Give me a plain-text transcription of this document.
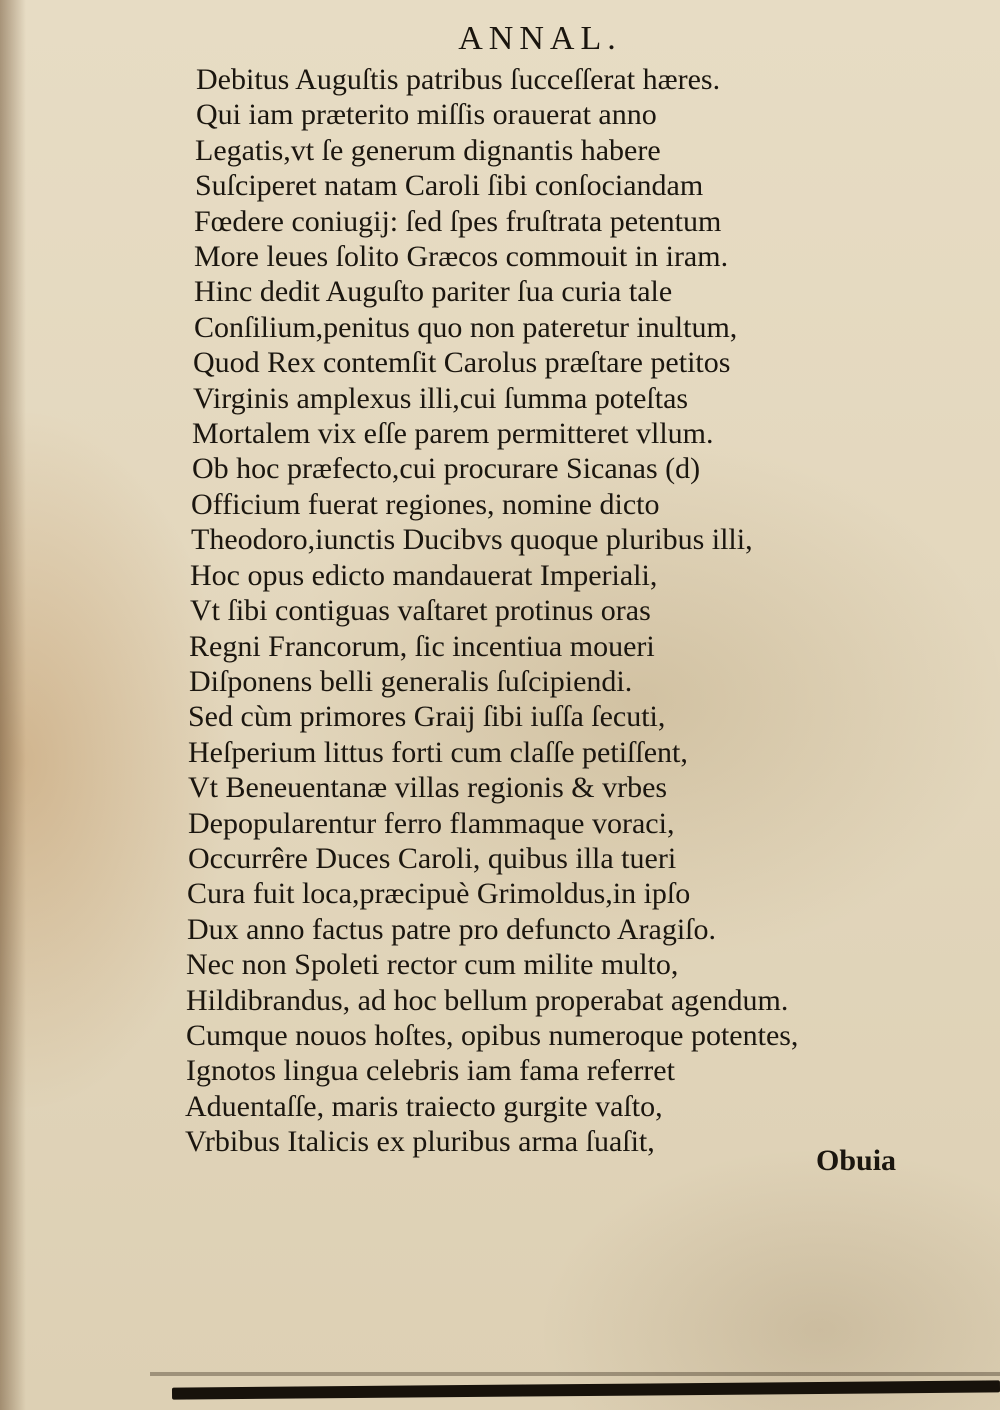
ANNAL.
Debitus Auguſtis patribus ſucceſſerat hæres.
Qui iam præterito miſſis orauerat anno
Legatis,vt ſe generum dignantis habere
Suſciperet natam Caroli ſibi conſociandam
Fœdere coniugij: ſed ſpes fruſtrata petentum
More leues ſolito Græcos commouit in iram.
Hinc dedit Auguſto pariter ſua curia tale
Conſilium,penitus quo non pateretur inultum,
Quod Rex contemſit Carolus præſtare petitos
Virginis amplexus illi,cui ſumma poteſtas
Mortalem vix eſſe parem permitteret vllum.
Ob hoc præfecto,cui procurare Sicanas (d)
Officium fuerat regiones, nomine dicto
Theodoro,iunctis Ducibvs quoque pluribus illi,
Hoc opus edicto mandauerat Imperiali,
Vt ſibi contiguas vaſtaret protinus oras
Regni Francorum, ſic incentiua moueri
Diſponens belli generalis ſuſcipiendi.
Sed cùm primores Graij ſibi iuſſa ſecuti,
Heſperium littus forti cum claſſe petiſſent,
Vt Beneuentanæ villas regionis & vrbes
Depopularentur ferro flammaque voraci,
Occurrêre Duces Caroli, quibus illa tueri
Cura fuit loca,præcipuè Grimoldus,in ipſo
Dux anno factus patre pro defuncto Aragiſo.
Nec non Spoleti rector cum milite multo,
Hildibrandus, ad hoc bellum properabat agendum.
Cumque nouos hoſtes, opibus numeroque potentes,
Ignotos lingua celebris iam fama referret
Aduentaſſe, maris traiecto gurgite vaſto,
Vrbibus Italicis ex pluribus arma ſuaſit,
Obuia
